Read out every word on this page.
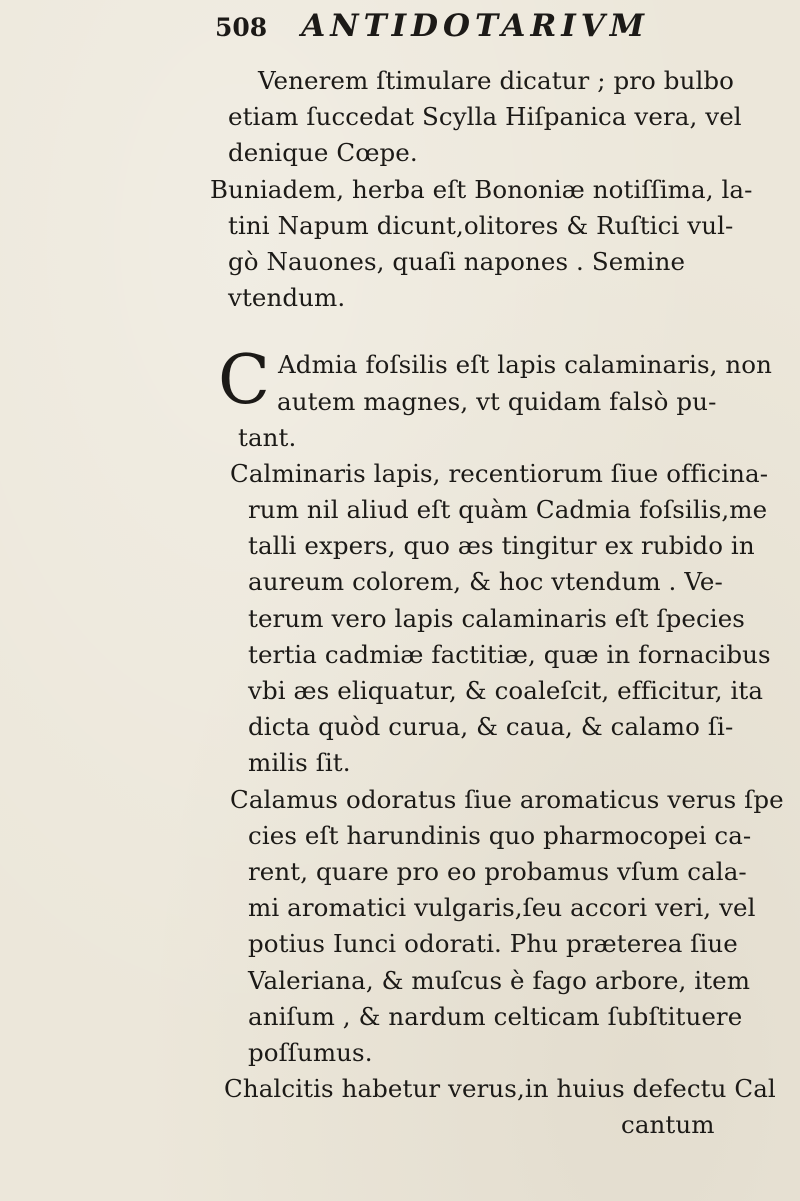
508 ANTIDOTARIVM
Venerem ſtimulare dicatur ; pro bulbo
etiam ſuccedat Scylla Hiſpanica vera, vel
denique Cœpe.
Buniadem, herba eſt Bononiæ notiſſima, la-
tini Napum dicunt,olitores & Ruſtici vul-
gò Nauones, quaſi napones . Semine
vtendum.
C Admia foſsilis eſt lapis calaminaris, non
autem magnes, vt quidam falsò pu-
tant.
Calminaris lapis, recentiorum ſiue officina-
rum nil aliud eſt quàm Cadmia foſsilis,me
talli expers, quo æs tingitur ex rubido in
aureum colorem, & hoc vtendum . Ve-
terum vero lapis calaminaris eſt ſpecies
tertia cadmiæ factitiæ, quæ in fornacibus
vbi æs eliquatur, & coaleſcit, efficitur, ita
dicta quòd curua, & caua, & calamo ſi-
milis ſit.
Calamus odoratus ſiue aromaticus verus ſpe
cies eſt harundinis quo pharmocopei ca-
rent, quare pro eo probamus vſum cala-
mi aromatici vulgaris,ſeu accori veri, vel
potius Iunci odorati. Phu prætereа ſiue
Valeriana, & muſcus è fago arbore, item
aniſum , & nardum celticam ſubſtituere
poſſumus.
Chalcitis habetur verus,in huius defectu Cal
cantum
